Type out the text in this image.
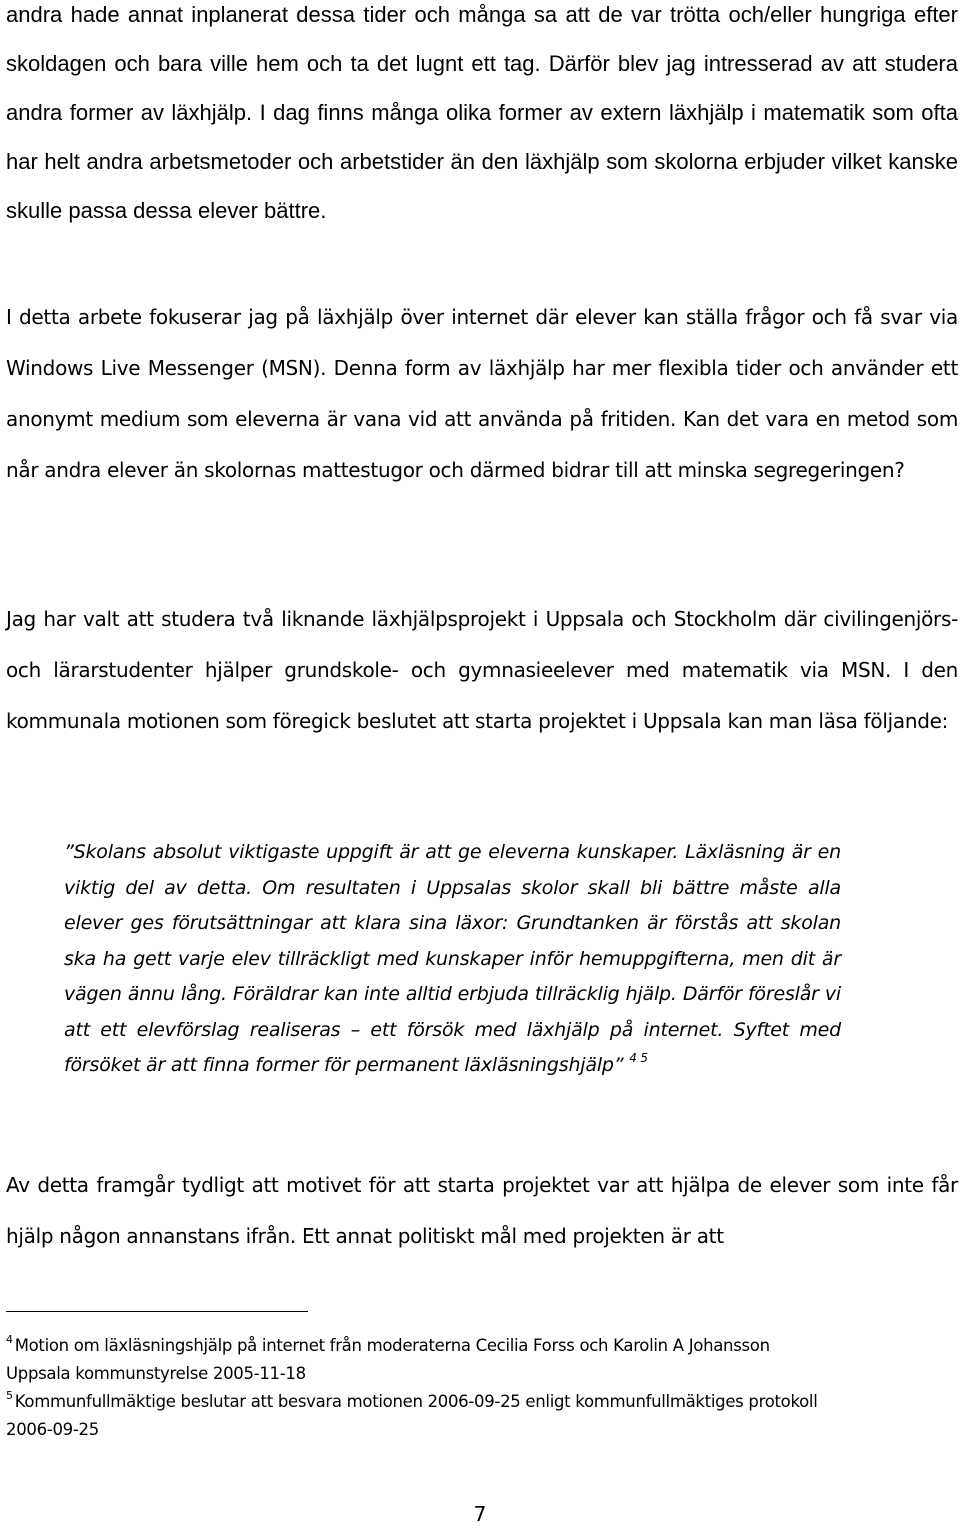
andra hade annat inplanerat dessa tider och många sa att de var trötta och/eller hungriga efter skoldagen och bara ville hem och ta det lugnt ett tag. Därför blev jag intresserad av att studera andra former av läxhjälp. I dag finns många olika former av extern läxhjälp i matematik som ofta har helt andra arbetsmetoder och arbetstider än den läxhjälp som skolorna erbjuder vilket kanske skulle passa dessa elever bättre.

I detta arbete fokuserar jag på läxhjälp över internet där elever kan ställa frågor och få svar via Windows Live Messenger (MSN). Denna form av läxhjälp har mer flexibla tider och använder ett anonymt medium som eleverna är vana vid att använda på fritiden. Kan det vara en metod som når andra elever än skolornas mattestugor och därmed bidrar till att minska segregeringen?

Jag har valt att studera två liknande läxhjälpsprojekt i Uppsala och Stockholm där civilingenjörs- och lärarstudenter hjälper grundskole- och gymnasieelever med matematik via MSN. I den kommunala motionen som föregick beslutet att starta projektet i Uppsala kan man läsa följande:

”Skolans absolut viktigaste uppgift är att ge eleverna kunskaper. Läxläsning är en viktig del av detta. Om resultaten i Uppsalas skolor skall bli bättre måste alla elever ges förutsättningar att klara sina läxor: Grundtanken är förstås att skolan ska ha gett varje elev tillräckligt med kunskaper inför hemuppgifterna, men dit är vägen ännu lång. Föräldrar kan inte alltid erbjuda tillräcklig hjälp. Därför föreslår vi att ett elevförslag realiseras – ett försök med läxhjälp på internet. Syftet med försöket är att finna former för permanent läxläsningshjälp” $^{4 5}$

Av detta framgår tydligt att motivet för att starta projektet var att hjälpa de elever som inte får hjälp någon annanstans ifrån. Ett annat politiskt mål med projekten är att

$^4$ Motion om läxläsningshjälp på internet från moderaterna Cecilia Forss och Karolin A Johansson
Uppsala kommunstyrelse 2005-11-18

$^5$ Kommunfullmäktige beslutar att besvara motionen 2006-09-25 enligt kommunfullmäktiges protokoll
2006-09-25

7
